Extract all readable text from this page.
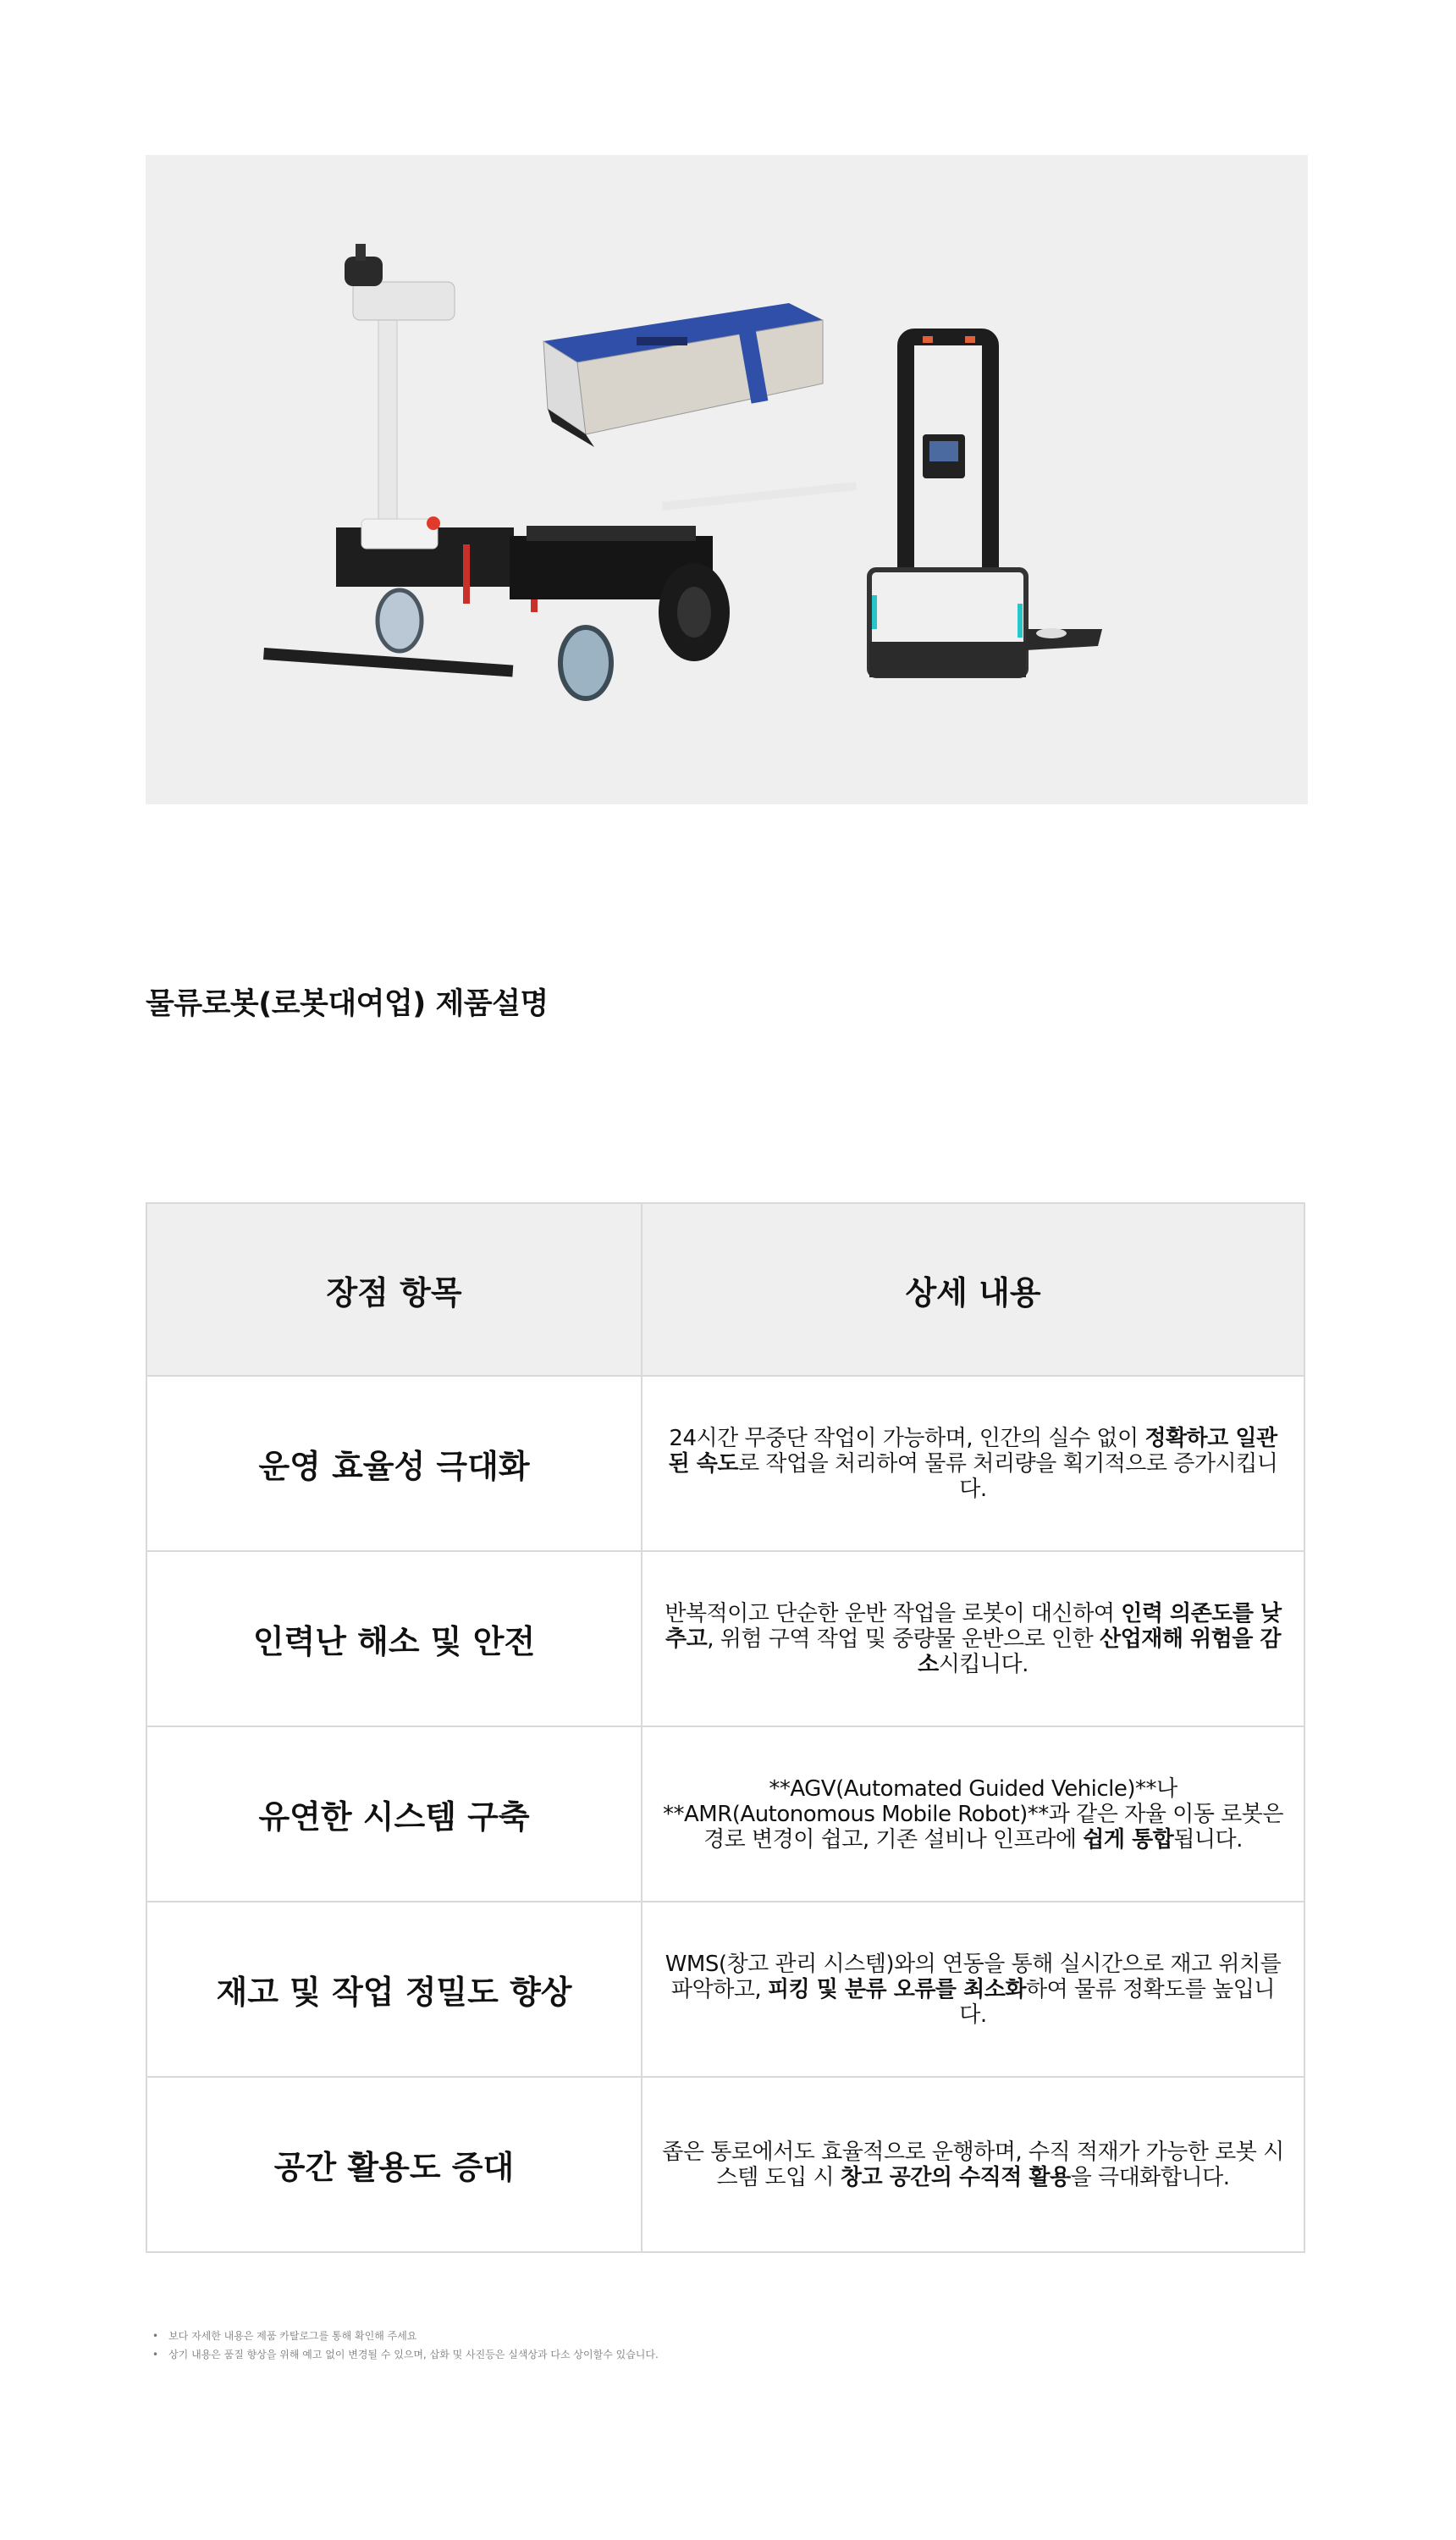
물류로봇(로봇대여업) 제품설명
장점 항목	상세 내용
운영 효율성 극대화	24시간 무중단 작업이 가능하며, 인간의 실수 없이 정확하고 일관된 속도로 작업을 처리하여 물류 처리량을 획기적으로 증가시킵니다.
인력난 해소 및 안전	반복적이고 단순한 운반 작업을 로봇이 대신하여 인력 의존도를 낮추고, 위험 구역 작업 및 중량물 운반으로 인한 산업재해 위험을 감소시킵니다.
유연한 시스템 구축	**AGV(Automated Guided Vehicle)**나 **AMR(Autonomous Mobile Robot)**과 같은 자율 이동 로봇은 경로 변경이 쉽고, 기존 설비나 인프라에 쉽게 통합됩니다.
재고 및 작업 정밀도 향상	WMS(창고 관리 시스템)와의 연동을 통해 실시간으로 재고 위치를 파악하고, 피킹 및 분류 오류를 최소화하여 물류 정확도를 높입니다.
공간 활용도 증대	좁은 통로에서도 효율적으로 운행하며, 수직 적재가 가능한 로봇 시스템 도입 시 창고 공간의 수직적 활용을 극대화합니다.
• 보다 자세한 내용은 제품 카탈로그를 통해 확인해 주세요
• 상기 내용은 품질 향상을 위해 예고 없이 변경될 수 있으며, 삽화 및 사진등은 실색상과 다소 상이할수 있습니다.
